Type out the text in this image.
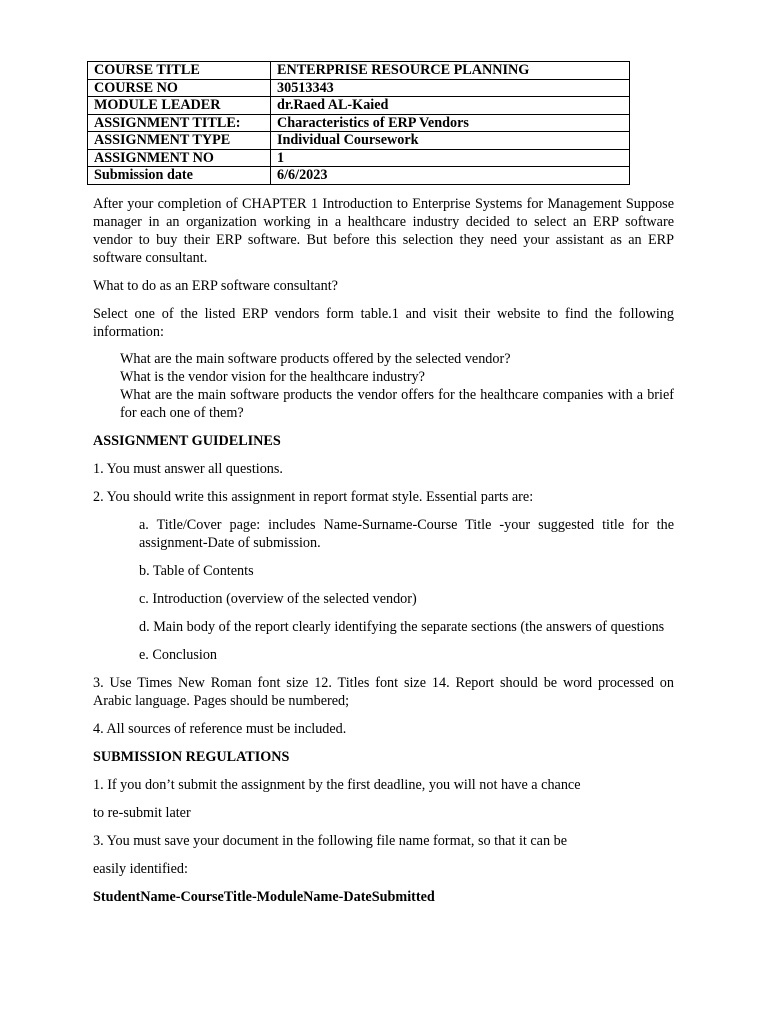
COURSE TITLE	ENTERPRISE RESOURCE PLANNING
COURSE NO	30513343
MODULE LEADER	dr.Raed AL-Kaied
ASSIGNMENT TITLE:	Characteristics of ERP Vendors
ASSIGNMENT TYPE	Individual Coursework
ASSIGNMENT NO	1
Submission date	6/6/2023

After your completion of CHAPTER 1 Introduction to Enterprise Systems for Management Suppose manager in an organization working in a healthcare industry decided to select an ERP software vendor to buy their ERP software. But before this selection they need your assistant as an ERP software consultant.

What to do as an ERP software consultant?

Select one of the listed ERP vendors form table.1 and visit their website to find the following information:

What are the main software products offered by the selected vendor?
What is the vendor vision for the healthcare industry?
What are the main software products the vendor offers for the healthcare companies with a brief for each one of them?

ASSIGNMENT GUIDELINES

1. You must answer all questions.

2. You should write this assignment in report format style. Essential parts are:

a. Title/Cover page: includes Name-Surname-Course Title -your suggested title for the assignment-Date of submission.

b. Table of Contents

c. Introduction (overview of the selected vendor)

d. Main body of the report clearly identifying the separate sections (the answers of questions

e. Conclusion

3. Use Times New Roman font size 12. Titles font size 14. Report should be word processed on Arabic language. Pages should be numbered;

4. All sources of reference must be included.

SUBMISSION REGULATIONS

1. If you don’t submit the assignment by the first deadline, you will not have a chance

to re-submit later

3. You must save your document in the following file name format, so that it can be

easily identified:

StudentName-CourseTitle-ModuleName-DateSubmitted
